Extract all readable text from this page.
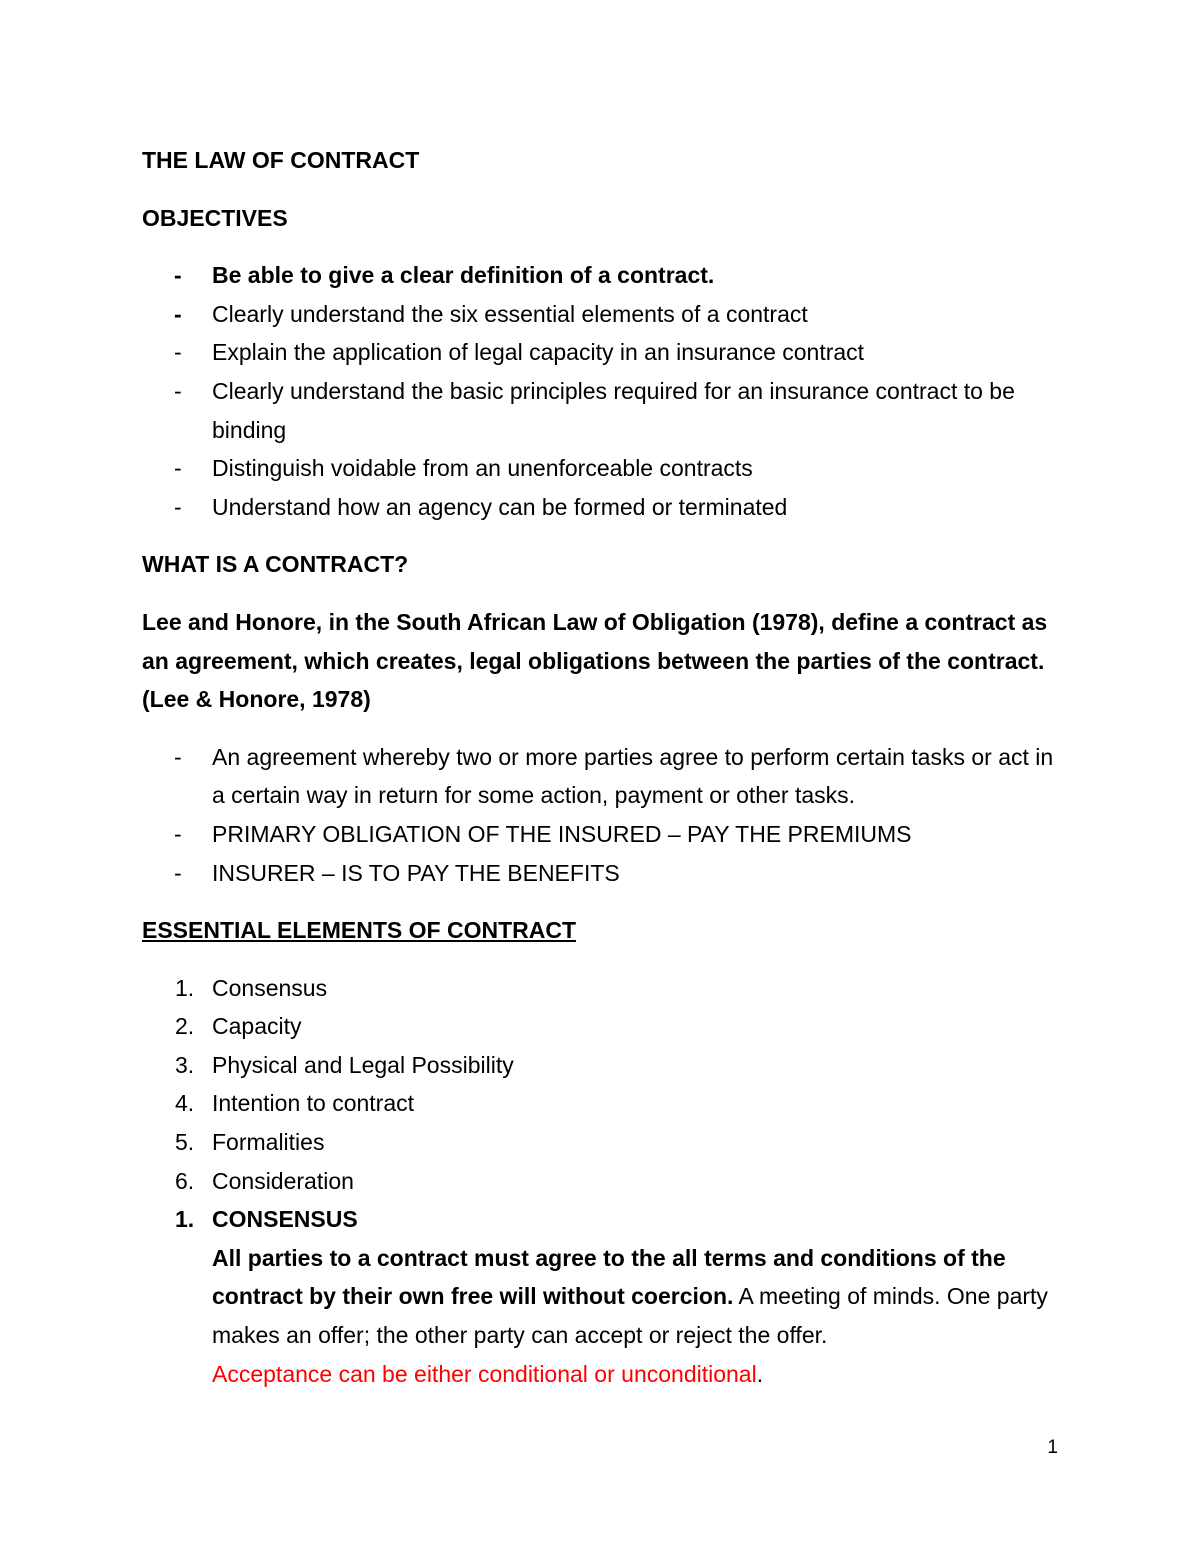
THE LAW OF CONTRACT

OBJECTIVES

- Be able to give a clear definition of a contract.
- Clearly understand the six essential elements of a contract
- Explain the application of legal capacity in an insurance contract
- Clearly understand the basic principles required for an insurance contract to be binding
- Distinguish voidable from an unenforceable contracts
- Understand how an agency can be formed or terminated

WHAT IS A CONTRACT?

Lee and Honore, in the South African Law of Obligation (1978), define a contract as an agreement, which creates, legal obligations between the parties of the contract. (Lee & Honore, 1978)

- An agreement whereby two or more parties agree to perform certain tasks or act in a certain way in return for some action, payment or other tasks.
- PRIMARY OBLIGATION OF THE INSURED – PAY THE PREMIUMS
- INSURER – IS TO PAY THE BENEFITS

ESSENTIAL ELEMENTS OF CONTRACT

1. Consensus
2. Capacity
3. Physical and Legal Possibility
4. Intention to contract
5. Formalities
6. Consideration
1. CONSENSUS
All parties to a contract must agree to the all terms and conditions of the contract by their own free will without coercion. A meeting of minds. One party makes an offer; the other party can accept or reject the offer.
Acceptance can be either conditional or unconditional.
1
